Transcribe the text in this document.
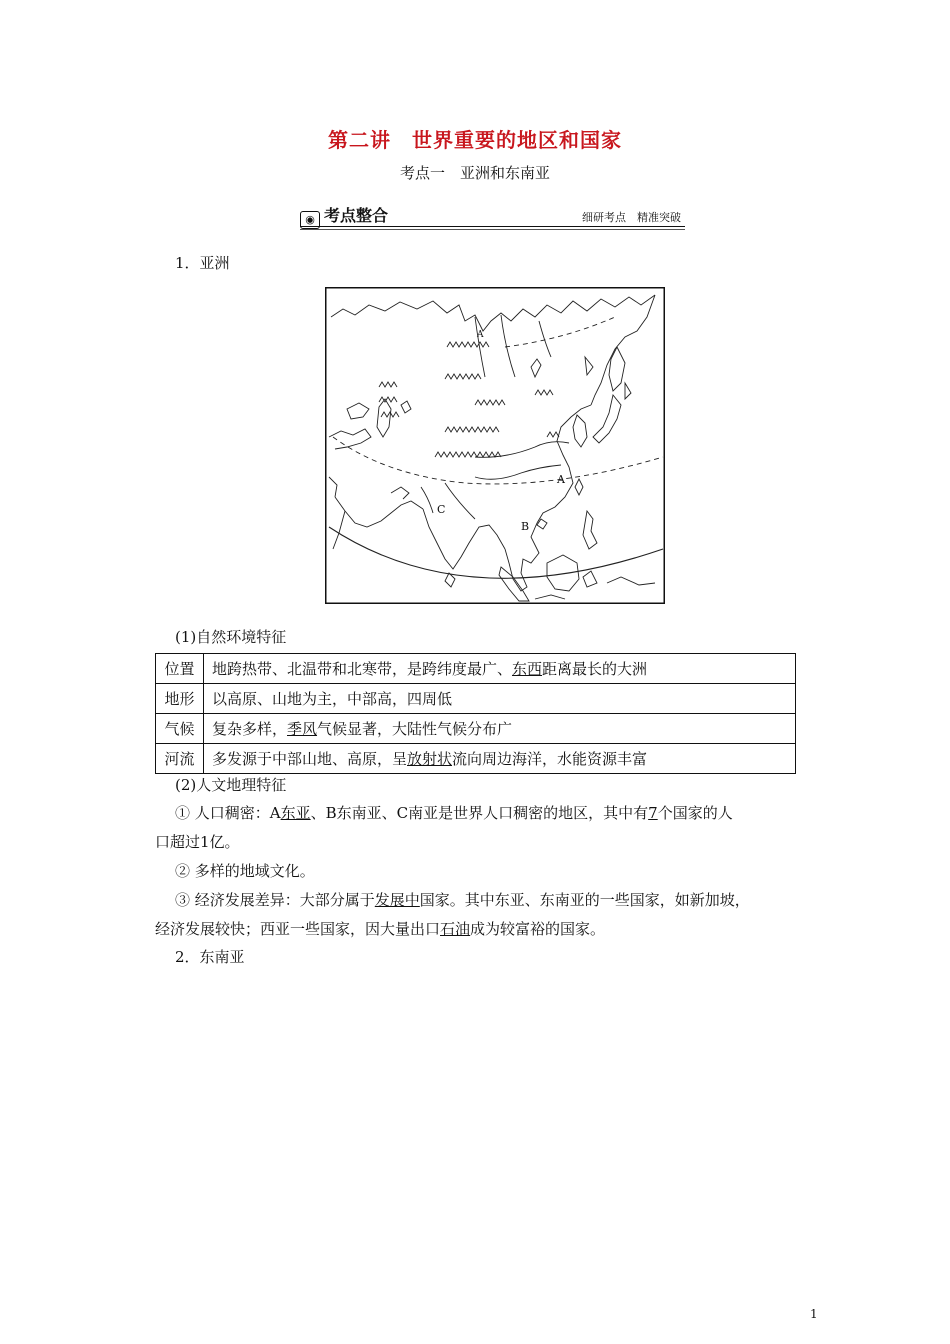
第二讲　世界重要的地区和国家
考点一　亚洲和东南亚
◉ 考点整合	细研考点　精准突破
1．亚洲
A
B
C
A
(1)自然环境特征
位置	地跨热带、北温带和北寒带，是跨纬度最广、东西距离最长的大洲
地形	以高原、山地为主，中部高，四周低
气候	复杂多样，季风气候显著，大陆性气候分布广
河流	多发源于中部山地、高原，呈放射状流向周边海洋，水能资源丰富
(2)人文地理特征
① 人口稠密：A东亚、B东南亚、C南亚是世界人口稠密的地区，其中有7个国家的人
口超过1亿。
② 多样的地域文化。
③ 经济发展差异：大部分属于发展中国家。其中东亚、东南亚的一些国家，如新加坡，
经济发展较快；西亚一些国家，因大量出口石油成为较富裕的国家。
2．东南亚
1
